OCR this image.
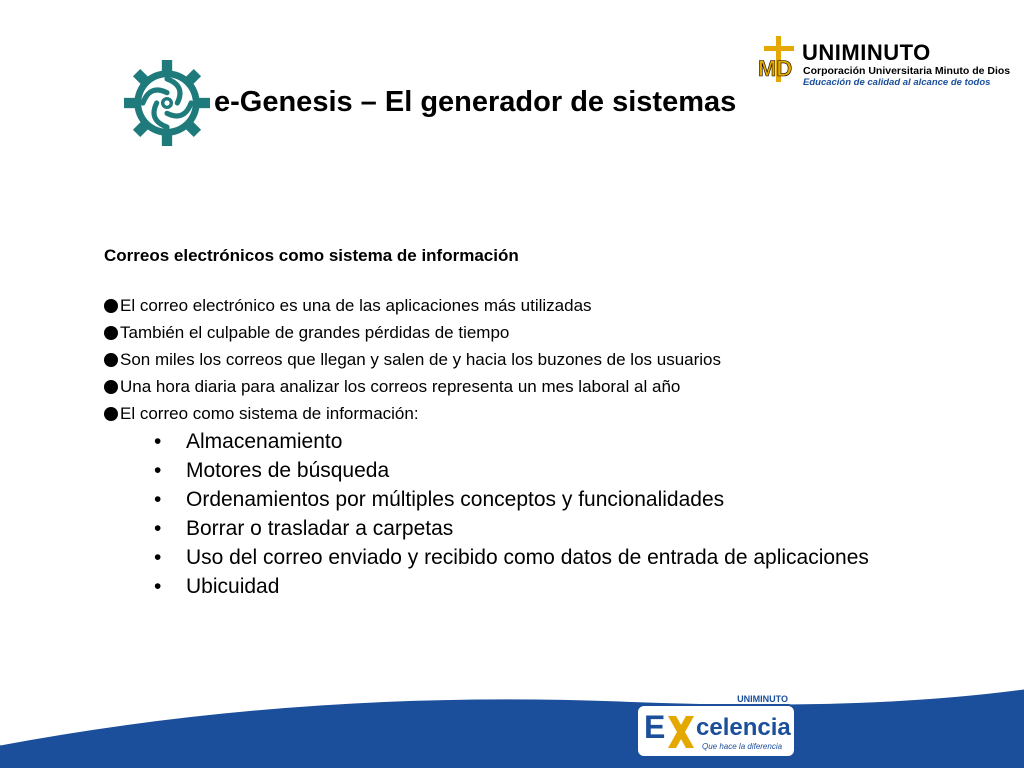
e-Genesis – El generador de sistemas
MD
UNIMINUTO
Corporación Universitaria Minuto de Dios
Educación de calidad al alcance de todos

Correos electrónicos como sistema de información

El correo electrónico es una de las aplicaciones más utilizadas
También el culpable de grandes pérdidas de tiempo
Son miles los correos que llegan y salen de y hacia los buzones de los usuarios
Una hora diaria para analizar los correos representa un mes laboral al año
El correo como sistema de información:
•	Almacenamiento
•	Motores de búsqueda
•	Ordenamientos por múltiples conceptos y funcionalidades
•	Borrar o trasladar a carpetas
•	Uso del correo enviado y recibido como datos de entrada de aplicaciones
•	Ubicuidad
UNIMINUTO
E celencia
Que hace la diferencia
